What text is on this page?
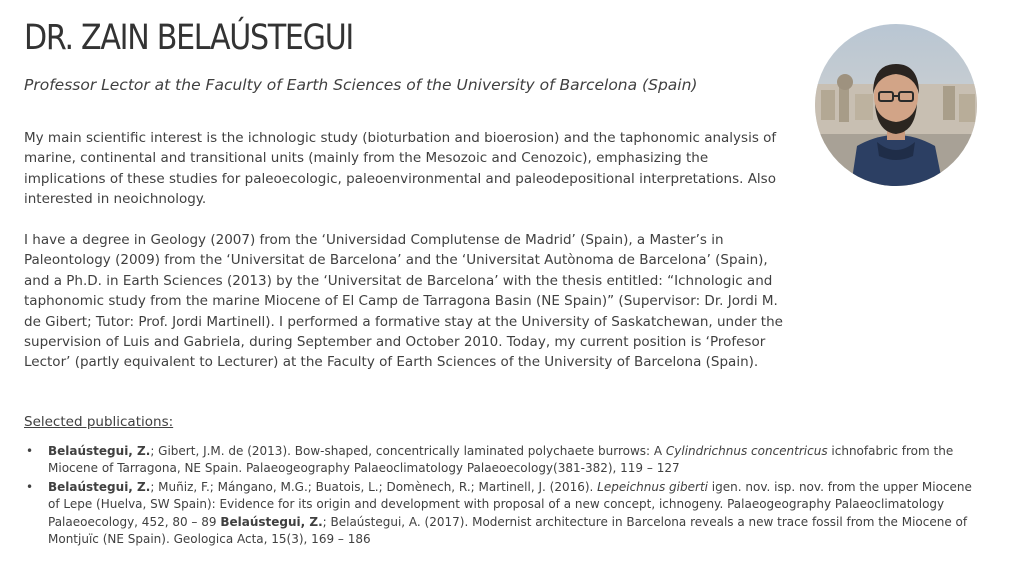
DR. ZAIN BELAÚSTEGUI
Professor Lector at the Faculty of Earth Sciences of the University of Barcelona (Spain)

My main scientific interest is the ichnologic study (bioturbation and bioerosion) and the taphonomic analysis of marine, continental and transitional units (mainly from the Mesozoic and Cenozoic), emphasizing the implications of these studies for paleoecologic, paleoenvironmental and paleodepositional interpretations. Also interested in neoichnology.

I have a degree in Geology (2007) from the ‘Universidad Complutense de Madrid’ (Spain), a Master’s in Paleontology (2009) from the ‘Universitat de Barcelona’ and the ‘Universitat Autònoma de Barcelona’ (Spain), and a Ph.D. in Earth Sciences (2013) by the ‘Universitat de Barcelona’ with the thesis entitled: “Ichnologic and taphonomic study from the marine Miocene of El Camp de Tarragona Basin (NE Spain)” (Supervisor: Dr. Jordi M. de Gibert; Tutor: Prof. Jordi Martinell). I performed a formative stay at the University of Saskatchewan, under the supervision of Luis and Gabriela, during September and October 2010. Today, my current position is ‘Profesor Lector’ (partly equivalent to Lecturer) at the Faculty of Earth Sciences of the University of Barcelona (Spain).

Selected publications:
• Belaústegui, Z.; Gibert, J.M. de (2013). Bow-shaped, concentrically laminated polychaete burrows: A Cylindrichnus concentricus ichnofabric from the Miocene of Tarragona, NE Spain. Palaeogeography Palaeoclimatology Palaeoecology(381-382), 119 – 127
• Belaústegui, Z.; Muñiz, F.; Mángano, M.G.; Buatois, L.; Domènech, R.; Martinell, J. (2016). Lepeichnus giberti igen. nov. isp. nov. from the upper Miocene of Lepe (Huelva, SW Spain): Evidence for its origin and development with proposal of a new concept, ichnogeny. Palaeogeography Palaeoclimatology Palaeoecology, 452, 80 – 89 Belaústegui, Z.; Belaústegui, A. (2017). Modernist architecture in Barcelona reveals a new trace fossil from the Miocene of Montjuïc (NE Spain). Geologica Acta, 15(3), 169 – 186
